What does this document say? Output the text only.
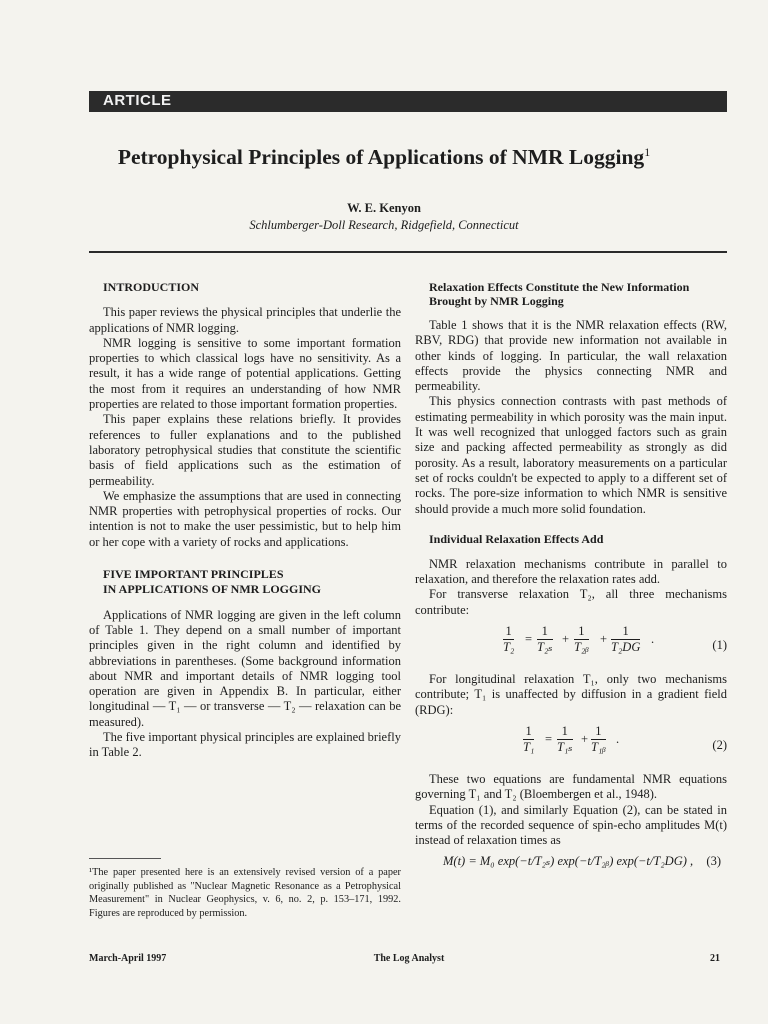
ARTICLE
Petrophysical Principles of Applications of NMR Logging$^1$
W. E. Kenyon
Schlumberger-Doll Research, Ridgefield, Connecticut

INTRODUCTION

This paper reviews the physical principles that underlie the applications of NMR logging.

NMR logging is sensitive to some important formation properties to which classical logs have no sensitivity. As a result, it has a wide range of potential applications. Getting the most from it requires an understanding of how NMR properties are related to those important formation properties.

This paper explains these relations briefly. It provides references to fuller explanations and to the published laboratory petrophysical studies that constitute the scientific basis of field applications such as the estimation of permeability.

We emphasize the assumptions that are used in connecting NMR properties with petrophysical properties of rocks. Our intention is not to make the user pessimistic, but to help him or her cope with a variety of rocks and applications.

FIVE IMPORTANT PRINCIPLES

IN APPLICATIONS OF NMR LOGGING

Applications of NMR logging are given in the left column of Table 1. They depend on a small number of important principles given in the right column and identified by abbreviations in parentheses. (Some background information about NMR and important details of NMR logging tool operation are given in Appendix B. In particular, either longitudinal — T₁ — or transverse — T₂ — relaxation can be measured).

The five important physical principles are explained briefly in Table 2.

Relaxation Effects Constitute the New Information

Brought by NMR Logging

Table 1 shows that it is the NMR relaxation effects (RW, RBV, RDG) that provide new information not available in other kinds of logging. In particular, the wall relaxation effects provide the physics connecting NMR and permeability.

This physics connection contrasts with past methods of estimating permeability in which porosity was the main input. It was well recognized that unlogged factors such as grain size and packing affected permeability as strongly as did porosity. As a result, laboratory measurements on a particular set of rocks couldn't be expected to apply to a different set of rocks. The pore-size information to which NMR is sensitive should provide a much more solid foundation.

Individual Relaxation Effects Add

NMR relaxation mechanisms contribute in parallel to relaxation, and therefore the relaxation rates add.

For transverse relaxation T₂, all three mechanisms contribute:

$\frac{1}{\text{T₂}} = \frac{1}{\text{T₂ₛ}} + \frac{1}{\text{T₂ᵦ}} + \frac{1}{\text{T₂DG}}$ .	(1)

For longitudinal relaxation T₁, only two mechanisms contribute; T₁ is unaffected by diffusion in a gradient field (RDG):

$\frac{1}{\text{T₁}} = \frac{1}{\text{T₁ₛ}} + \frac{1}{\text{T₁ᵦ}}$ .	(2)

These two equations are fundamental NMR equations governing T₁ and T₂ (Bloembergen et al., 1948).

Equation (1), and similarly Equation (2), can be stated in terms of the recorded sequence of spin-echo amplitudes M(t) instead of relaxation times as

M(t) = M₀ exp(−t/T₂ₛ) exp(−t/T₂ᵦ) exp(−t/T₂DG) , (3)
¹The paper presented here is an extensively revised version of a paper originally published as "Nuclear Magnetic Resonance as a Petrophysical Measurement" in Nuclear Geophysics, v. 6, no. 2, p. 153–171, 1992. Figures are reproduced by permission.
March-April 1997	The Log Analyst	21
